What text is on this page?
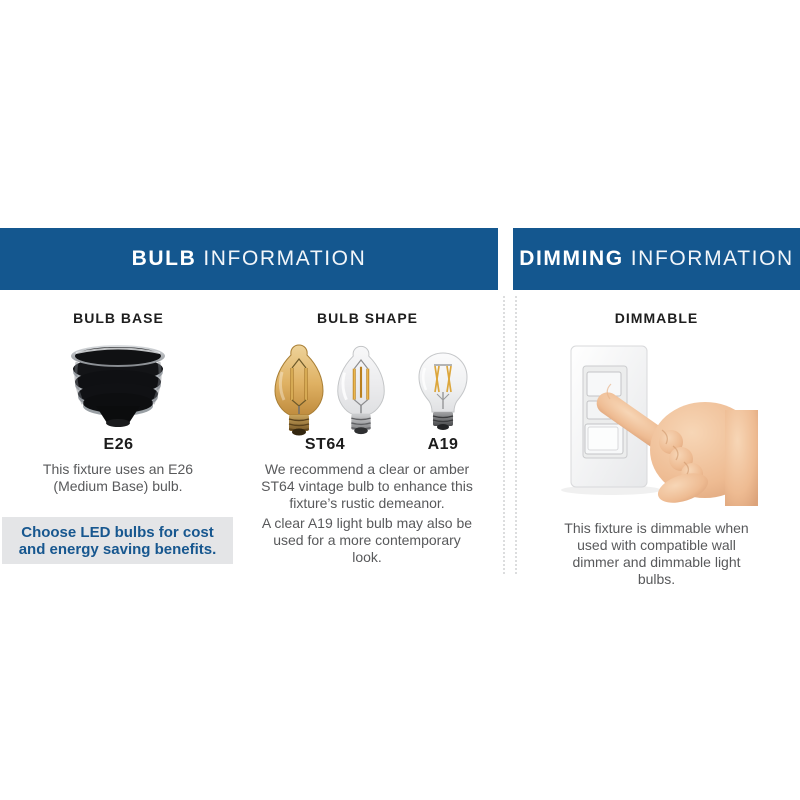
BULB INFORMATION	DIMMING INFORMATION
BULB BASE	BULB SHAPE	DIMMABLE
E26	ST64	A19
This fixture uses an E26 (Medium Base) bulb.
We recommend a clear or amber ST64 vintage bulb to enhance this fixture’s rustic demeanor.
A clear A19 light bulb may also be used for a more contemporary look.
This fixture is dimmable when used with compatible wall dimmer and dimmable light bulbs.
Choose LED bulbs for cost and energy saving benefits.
